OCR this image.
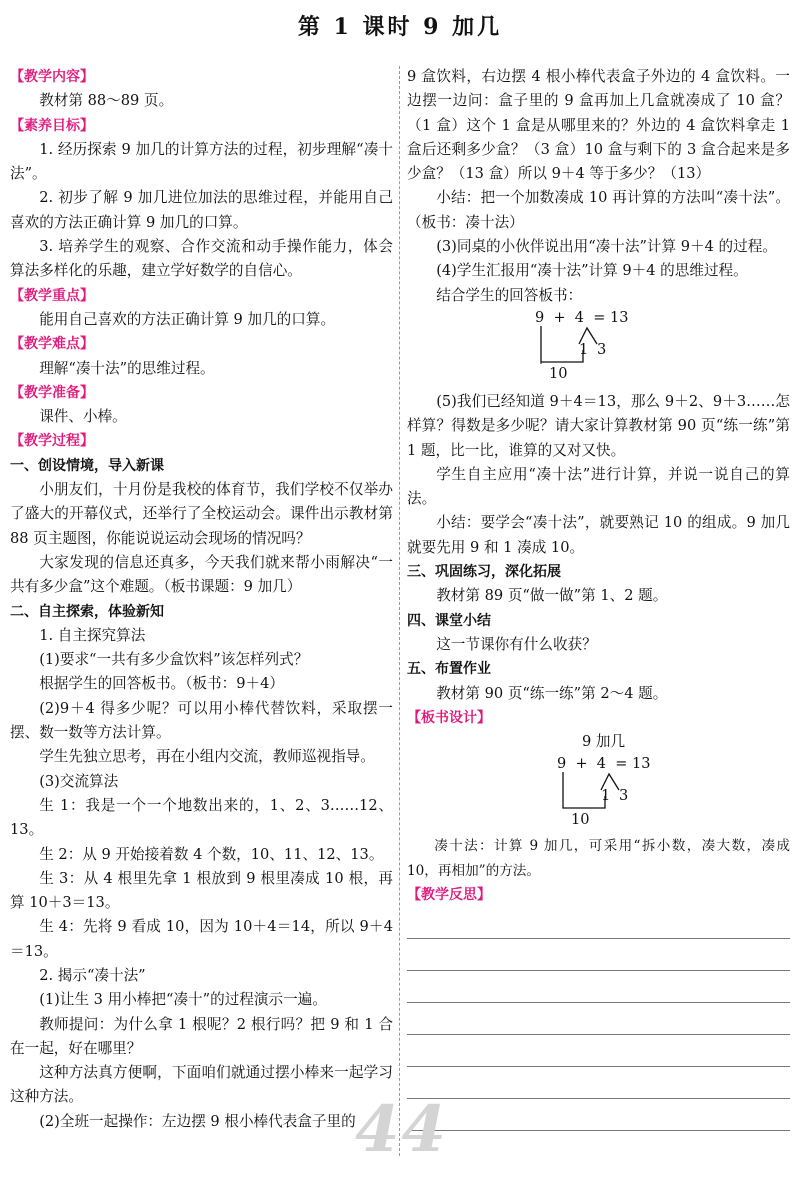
第 1 课时 9 加几
【教学内容】

教材第 88～89 页。

【素养目标】

1. 经历探索 9 加几的计算方法的过程，初步理解“凑十法”。

2. 初步了解 9 加几进位加法的思维过程，并能用自己喜欢的方法正确计算 9 加几的口算。

3. 培养学生的观察、合作交流和动手操作能力，体会算法多样化的乐趣，建立学好数学的自信心。

【教学重点】

能用自己喜欢的方法正确计算 9 加几的口算。

【教学难点】

理解“凑十法”的思维过程。

【教学准备】

课件、小棒。

【教学过程】
一、创设情境，导入新课

小朋友们，十月份是我校的体育节，我们学校不仅举办了盛大的开幕仪式，还举行了全校运动会。课件出示教材第 88 页主题图，你能说说运动会现场的情况吗？

大家发现的信息还真多，今天我们就来帮小雨解决“一共有多少盒”这个难题。（板书课题：9 加几）

二、自主探索，体验新知

1. 自主探究算法

(1)要求“一共有多少盒饮料”该怎样列式？

根据学生的回答板书。（板书：9＋4）

(2)9＋4 得多少呢？可以用小棒代替饮料，采取摆一摆、数一数等方法计算。

学生先独立思考，再在小组内交流，教师巡视指导。

(3)交流算法

生 1：我是一个一个地数出来的，1、2、3……12、13。

生 2：从 9 开始接着数 4 个数，10、11、12、13。

生 3：从 4 根里先拿 1 根放到 9 根里凑成 10 根，再算 10＋3＝13。

生 4：先将 9 看成 10，因为 10＋4＝14，所以 9＋4＝13。

2. 揭示“凑十法”

(1)让生 3 用小棒把“凑十”的过程演示一遍。

教师提问：为什么拿 1 根呢？2 根行吗？把 9 和 1 合在一起，好在哪里？

这种方法真方便啊，下面咱们就通过摆小棒来一起学习这种方法。

(2)全班一起操作：左边摆 9 根小棒代表盒子里的

9 盒饮料，右边摆 4 根小棒代表盒子外边的 4 盒饮料。一边摆一边问：盒子里的 9 盒再加上几盒就凑成了 10 盒？（1 盒）这个 1 盒是从哪里来的？外边的 4 盒饮料拿走 1 盒后还剩多少盒？（3 盒）10 盒与剩下的 3 盒合起来是多少盒？（13 盒）所以 9＋4 等于多少？（13）

小结：把一个加数凑成 10 再计算的方法叫“凑十法”。（板书：凑十法）

(3)同桌的小伙伴说出用“凑十法”计算 9＋4 的过程。

(4)学生汇报用“凑十法”计算 9＋4 的思维过程。

结合学生的回答板书：

9  +  4  = 13
1 3
10

(5)我们已经知道 9＋4＝13，那么 9＋2、9＋3……怎样算？得数是多少呢？请大家计算教材第 90 页“练一练”第 1 题，比一比，谁算的又对又快。

学生自主应用“凑十法”进行计算，并说一说自己的算法。

小结：要学会“凑十法”，就要熟记 10 的组成。9 加几就要先用 9 和 1 凑成 10。

三、巩固练习，深化拓展

教材第 89 页“做一做”第 1、2 题。

四、课堂小结

这一节课你有什么收获？

五、布置作业

教材第 90 页“练一练”第 2～4 题。

【板书设计】
9 加几
9  +  4  = 13
1 3
10

凑十法：计算 9 加几，可采用“拆小数，凑大数，凑成 10，再相加”的方法。

【教学反思】
44
